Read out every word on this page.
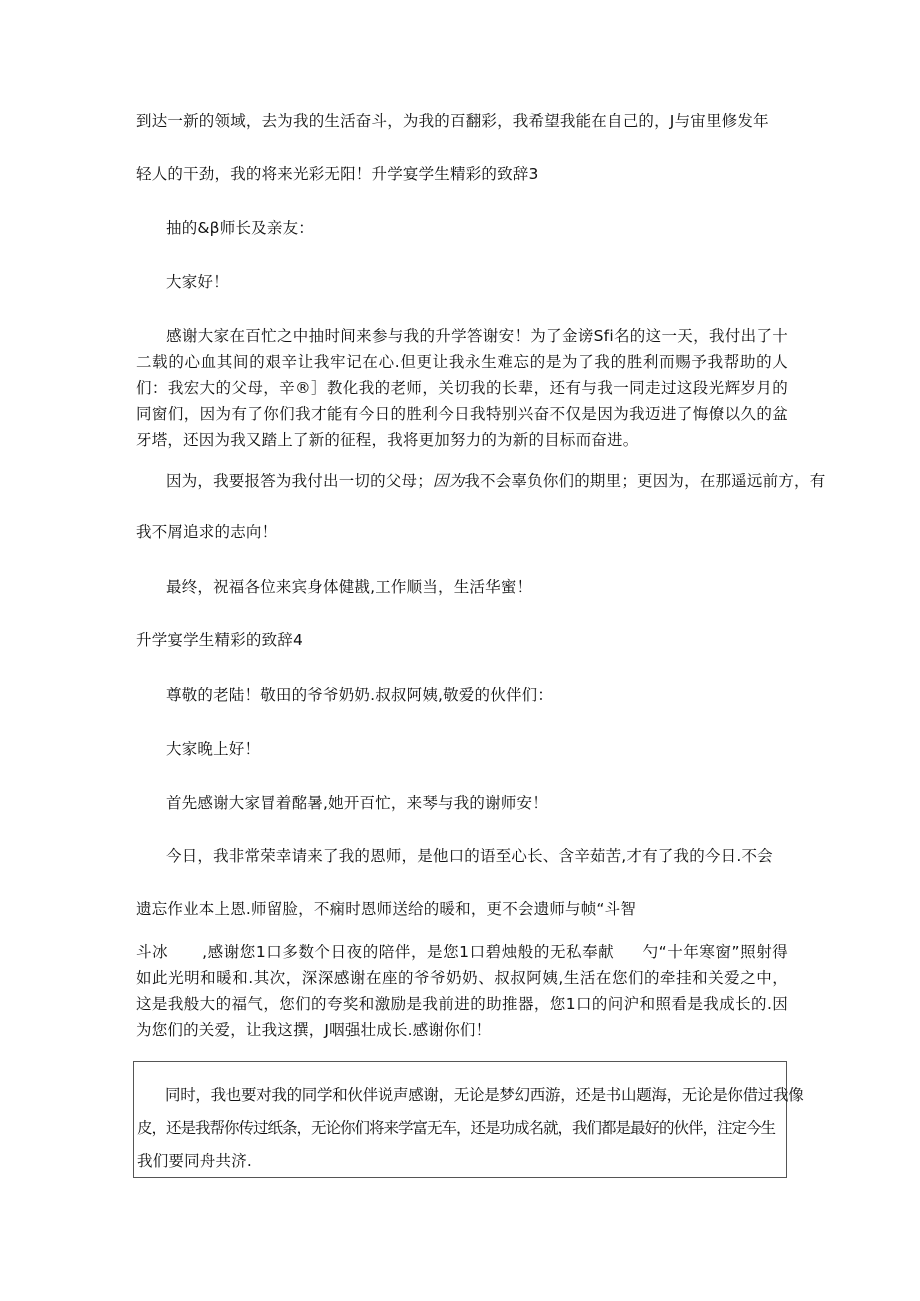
到达一新的领域，去为我的生活奋斗，为我的百翻彩，我希望我能在自己的，J与宙里修发年

轻人的干劲，我的将来光彩无阳！升学宴学生精彩的致辞3

抽的&β师长及亲友：

大家好！

感谢大家在百忙之中抽时间来参与我的升学答谢安！为了金谤Sfi名的这一天，我付出了十二载的心血其间的艰辛让我牢记在心.但更让我永生难忘的是为了我的胜利而赐予我帮助的人们：我宏大的父母，辛®］教化我的老师，关切我的长辈，还有与我一同走过这段光辉岁月的同窗们，因为有了你们我才能有今日的胜利今日我特别兴奋不仅是因为我迈进了悔僚以久的盆牙塔，还因为我又踏上了新的征程，我将更加努力的为新的目标而奋进。

因为，我要报答为我付出一切的父母；因为我不会辜负你们的期里；更因为，在那遥远前方，有

我不屑追求的志向！

最终，祝福各位来宾身体健戡,工作顺当，生活华蜜！

升学宴学生精彩的致辞4

尊敬的老陆！敬田的爷爷奶奶.叔叔阿姨,敬爱的伙伴们：

大家晚上好！

首先感谢大家冒着酩暑,她开百忙，来琴与我的谢师安！

今日，我非常荣幸请来了我的恩师，是他口的语至心长、含辛茹苦,才有了我的今日.不会

遗忘作业本上恩.师留脸，不痫时恩师送给的暖和，更不会遗师与帧“斗智

斗冰 ,感谢您1口多数个日夜的陪伴，是您1口碧烛般的无私奉献 勺“十年寒窗”照射得如此光明和暖和.其次，深深感谢在座的爷爷奶奶、叔叔阿姨,生活在您们的牵挂和关爱之中，这是我般大的福气，您们的夸奖和激励是我前进的助推器，您1口的问沪和照看是我成长的.因为您们的关爱，让我这撰，J咽强壮成长.感谢你们！

同时，我也要对我的同学和伙伴说声感谢，无论是梦幻西游，还是书山题海，无论是你借过我像

皮，还是我帮你传过纸条，无论你们将来学富无车，还是功成名就，我们都是最好的伙伴，注定今生

我们要同舟共济.
